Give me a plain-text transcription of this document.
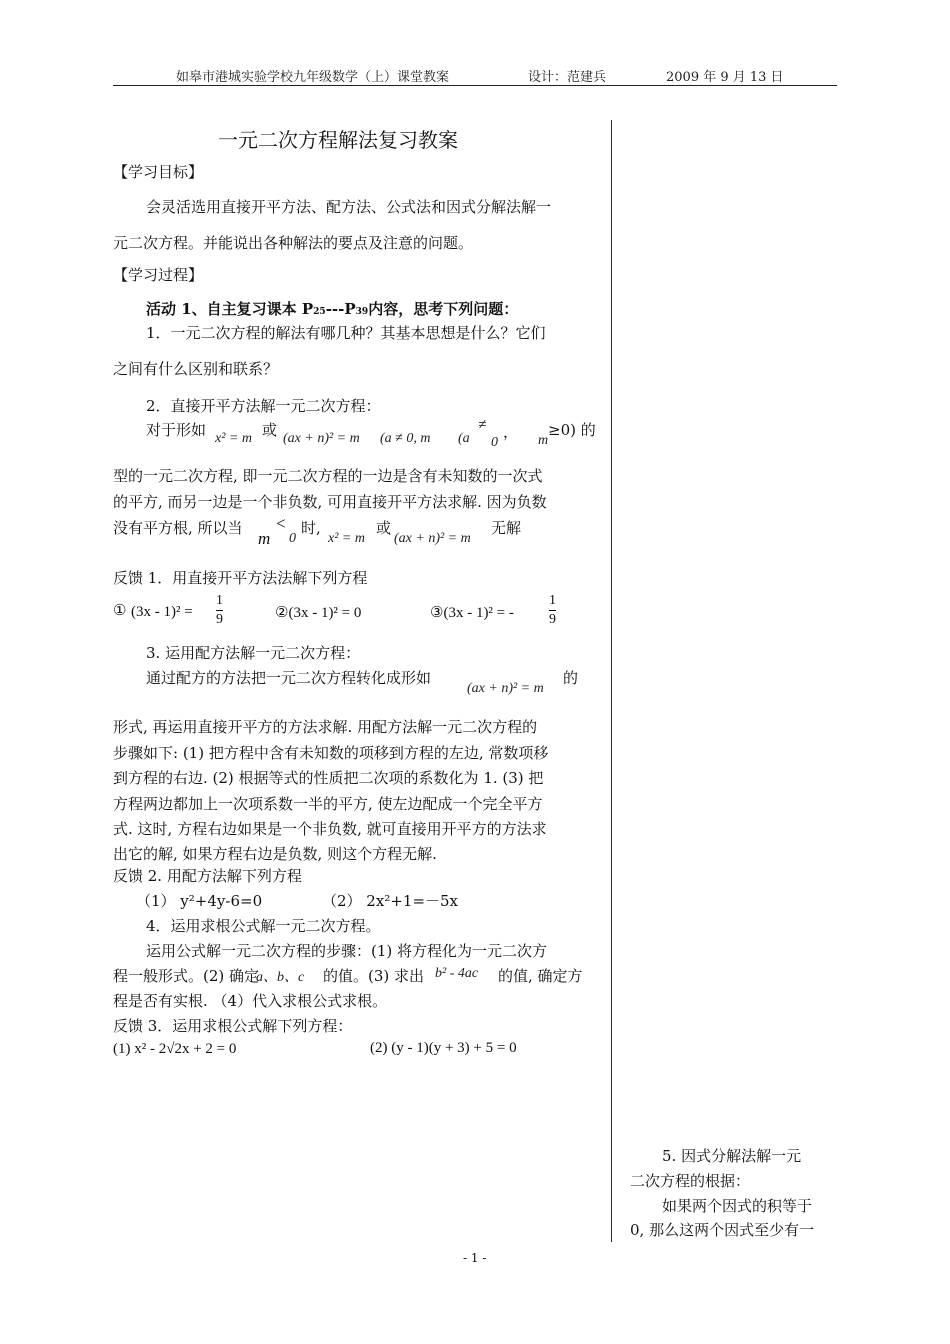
如皋市港城实验学校九年级数学（上）课堂教案	设计：范建兵	2009 年 9 月 13 日
一元二次方程解法复习教案
【学习目标】
会灵活选用直接开平方法、配方法、公式法和因式分解法解一
元二次方程。并能说出各种解法的要点及注意的问题。
【学习过程】
活动 1、自主复习课本 P25---P39内容，思考下列问题：
1．一元二次方程的解法有哪几种？其基本思想是什么？它们
之间有什么区别和联系？
2．直接开平方法解一元二次方程：
对于形如 x² = m 或 (ax + n)² = m (a ≠ 0, m (a
≠
0
， m
≥0) 的
型的一元二次方程, 即一元二次方程的一边是含有未知数的一次式
的平方, 而另一边是一个非负数, 可用直接开平方法求解. 因为负数
没有平方根, 所以当
m
<
0
时,
x² = m
或
(ax + n)² = m
无解
反馈 1．用直接开平方法法解下列方程
① (3x - 1)² =
1
9	②(3x - 1)² = 0	③(3x - 1)² = -
1
9
3. 运用配方法解一元二次方程：
通过配方的方法把一元二次方程转化成形如
(ax + n)² = m
的
形式, 再运用直接开平方的方法求解. 用配方法解一元二次方程的
步骤如下: (1) 把方程中含有未知数的项移到方程的左边, 常数项移
到方程的右边. (2) 根据等式的性质把二次项的系数化为 1. (3) 把
方程两边都加上一次项系数一半的平方, 使左边配成一个完全平方
式. 这时, 方程右边如果是一个非负数, 就可直接用开平方的方法求
出它的解, 如果方程右边是负数, 则这个方程无解.
反馈 2. 用配方法解下列方程
（1） y²+4y-6=0	（2） 2x²+1=－5x
4．运用求根公式解一元二次方程。
运用公式解一元二次方程的步骤：(1) 将方程化为一元二次方
程一般形式。(2) 确定
a、b、c 的值。(3) 求出 b² - 4ac 的值, 确定方
程是否有实根. （4）代入求根公式求根。
反馈 3．运用求根公式解下列方程：
(1) x² - 2√2x + 2 = 0	(2) (y - 1)(y + 3) + 5 = 0
5. 因式分解法解一元
二次方程的根据：
如果两个因式的积等于
0, 那么这两个因式至少有一
- 1 -
